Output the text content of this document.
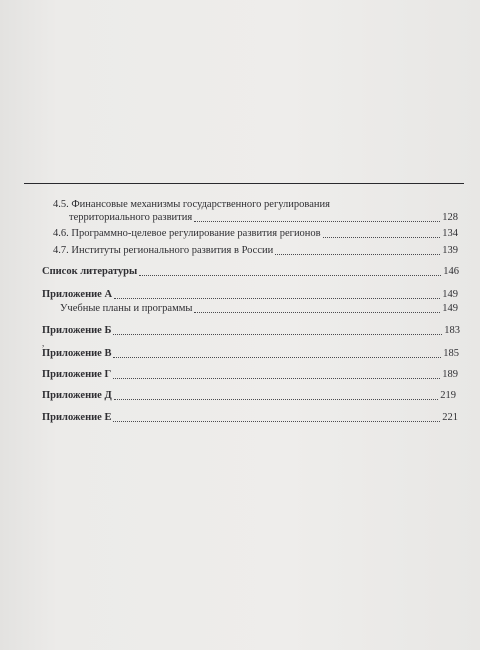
4.5. Финансовые механизмы государственного регулирования
территориального развития	128
4.6. Программно-целевое регулирование развития регионов	134
4.7. Институты регионального развития в России	139
Список литературы	146
Приложение А	149
Учебные планы и программы	149
Приложение Б	183
,
Приложение В	185
Приложение Г	189
Приложение Д	219
Приложение Е	221
